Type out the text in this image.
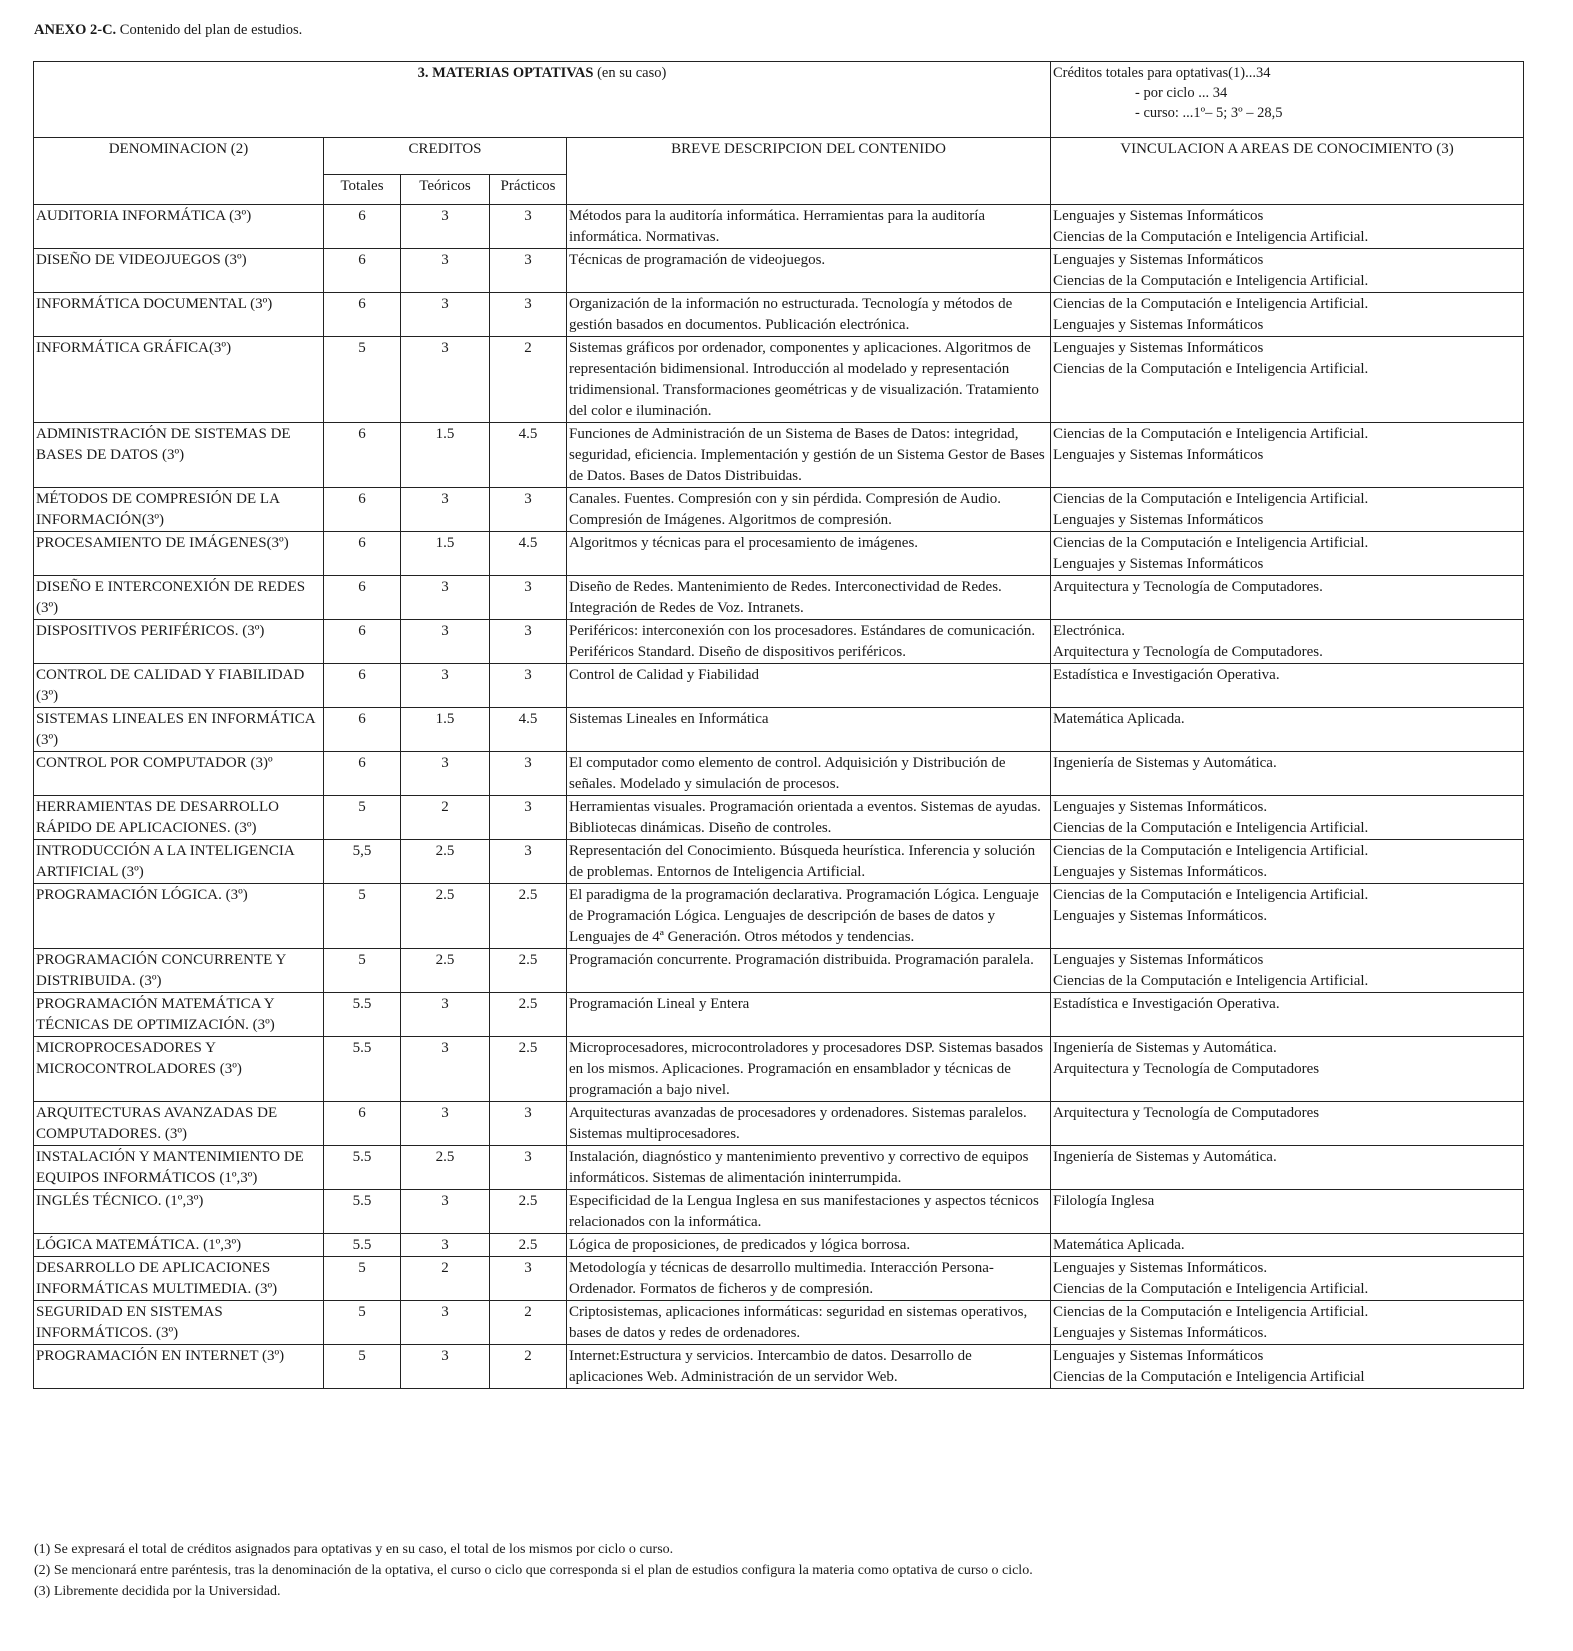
ANEXO 2-C. Contenido del plan de estudios.
3. MATERIAS OPTATIVAS (en su caso)					Créditos totales para optativas(1)...34
- por ciclo ... 34
- curso: ...1º– 5; 3º – 28,5

DENOMINACION (2)	CREDITOS			BREVE DESCRIPCION DEL CONTENIDO	VINCULACION A AREAS DE CONOCIMIENTO (3)
	Totales	Teóricos	Prácticos		
AUDITORIA INFORMÁTICA (3º)	6	3	3	Métodos para la auditoría informática. Herramientas para la auditoría informática. Normativas.	Lenguajes y Sistemas Informáticos
Ciencias de la Computación e Inteligencia Artificial.

DISEÑO DE VIDEOJUEGOS (3º)	6	3	3	Técnicas de programación de videojuegos.	Lenguajes y Sistemas Informáticos
Ciencias de la Computación e Inteligencia Artificial.

INFORMÁTICA DOCUMENTAL (3º)	6	3	3	Organización de la información no estructurada. Tecnología y métodos de gestión basados en documentos. Publicación electrónica.	Ciencias de la Computación e Inteligencia Artificial.
Lenguajes y Sistemas Informáticos

INFORMÁTICA GRÁFICA(3º)	5	3	2	Sistemas gráficos por ordenador, componentes y aplicaciones. Algoritmos de representación bidimensional. Introducción al modelado y representación tridimensional. Transformaciones geométricas y de visualización. Tratamiento del color e iluminación.	Lenguajes y Sistemas Informáticos
Ciencias de la Computación e Inteligencia Artificial.

ADMINISTRACIÓN DE SISTEMAS DE BASES DE DATOS (3º)	6	1.5	4.5	Funciones de Administración de un Sistema de Bases de Datos: integridad, seguridad, eficiencia. Implementación y gestión de un Sistema Gestor de Bases de Datos. Bases de Datos Distribuidas.	Ciencias de la Computación e Inteligencia Artificial.
Lenguajes y Sistemas Informáticos

MÉTODOS DE COMPRESIÓN DE LA INFORMACIÓN(3º)	6	3	3	Canales. Fuentes. Compresión con y sin pérdida. Compresión de Audio. Compresión de Imágenes. Algoritmos de compresión.	Ciencias de la Computación e Inteligencia Artificial.
Lenguajes y Sistemas Informáticos

PROCESAMIENTO DE IMÁGENES(3º)	6	1.5	4.5	Algoritmos y técnicas para el procesamiento de imágenes.	Ciencias de la Computación e Inteligencia Artificial.
Lenguajes y Sistemas Informáticos

DISEÑO E INTERCONEXIÓN DE REDES (3º)	6	3	3	Diseño de Redes. Mantenimiento de Redes. Interconectividad de Redes. Integración de Redes de Voz. Intranets.	Arquitectura y Tecnología de Computadores.

DISPOSITIVOS PERIFÉRICOS. (3º)	6	3	3	Periféricos: interconexión con los procesadores. Estándares de comunicación. Periféricos Standard. Diseño de dispositivos periféricos.	Electrónica.
Arquitectura y Tecnología de Computadores.

CONTROL DE CALIDAD Y FIABILIDAD (3º)	6	3	3	Control de Calidad y Fiabilidad	Estadística e Investigación Operativa.

SISTEMAS LINEALES EN INFORMÁTICA (3º)	6	1.5	4.5	Sistemas Lineales en Informática	Matemática Aplicada.

CONTROL POR COMPUTADOR (3)º	6	3	3	El computador como elemento de control. Adquisición y Distribución de señales. Modelado y simulación de procesos.	Ingeniería de Sistemas y Automática.

HERRAMIENTAS DE DESARROLLO RÁPIDO DE APLICACIONES. (3º)	5	2	3	Herramientas visuales. Programación orientada a eventos. Sistemas de ayudas. Bibliotecas dinámicas. Diseño de controles.	Lenguajes y Sistemas Informáticos.
Ciencias de la Computación e Inteligencia Artificial.

INTRODUCCIÓN A LA INTELIGENCIA ARTIFICIAL (3º)	5,5	2.5	3	Representación del Conocimiento. Búsqueda heurística. Inferencia y solución de problemas. Entornos de Inteligencia Artificial.	Ciencias de la Computación e Inteligencia Artificial.
Lenguajes y Sistemas Informáticos.

PROGRAMACIÓN LÓGICA. (3º)	5	2.5	2.5	El paradigma de la programación declarativa. Programación Lógica. Lenguaje de Programación Lógica. Lenguajes de descripción de bases de datos y Lenguajes de 4ª Generación. Otros métodos y tendencias.	Ciencias de la Computación e Inteligencia Artificial.
Lenguajes y Sistemas Informáticos.

PROGRAMACIÓN CONCURRENTE Y DISTRIBUIDA. (3º)	5	2.5	2.5	Programación concurrente. Programación distribuida. Programación paralela.	Lenguajes y Sistemas Informáticos
Ciencias de la Computación e Inteligencia Artificial.

PROGRAMACIÓN MATEMÁTICA Y TÉCNICAS DE OPTIMIZACIÓN. (3º)	5.5	3	2.5	Programación Lineal y Entera	Estadística e Investigación Operativa.

MICROPROCESADORES Y MICROCONTROLADORES (3º)	5.5	3	2.5	Microprocesadores, microcontroladores y procesadores DSP. Sistemas basados en los mismos. Aplicaciones. Programación en ensamblador y técnicas de programación a bajo nivel.	Ingeniería de Sistemas y Automática.
Arquitectura y Tecnología de Computadores

ARQUITECTURAS AVANZADAS DE COMPUTADORES. (3º)	6	3	3	Arquitecturas avanzadas de procesadores y ordenadores. Sistemas paralelos. Sistemas multiprocesadores.	Arquitectura y Tecnología de Computadores

INSTALACIÓN Y MANTENIMIENTO DE EQUIPOS INFORMÁTICOS (1º,3º)	5.5	2.5	3	Instalación, diagnóstico y mantenimiento preventivo y correctivo de equipos informáticos. Sistemas de alimentación ininterrumpida.	Ingeniería de Sistemas y Automática.

INGLÉS TÉCNICO. (1º,3º)	5.5	3	2.5	Especificidad de la Lengua Inglesa en sus manifestaciones y aspectos técnicos relacionados con la informática.	Filología Inglesa

LÓGICA MATEMÁTICA. (1º,3º)	5.5	3	2.5	Lógica de proposiciones, de predicados y lógica borrosa.	Matemática Aplicada.

DESARROLLO DE APLICACIONES INFORMÁTICAS MULTIMEDIA. (3º)	5	2	3	Metodología y técnicas de desarrollo multimedia. Interacción Persona-Ordenador. Formatos de ficheros y de compresión.	Lenguajes y Sistemas Informáticos.
Ciencias de la Computación e Inteligencia Artificial.

SEGURIDAD EN SISTEMAS INFORMÁTICOS. (3º)	5	3	2	Criptosistemas, aplicaciones informáticas: seguridad en sistemas operativos, bases de datos y redes de ordenadores.	Ciencias de la Computación e Inteligencia Artificial.
Lenguajes y Sistemas Informáticos.

PROGRAMACIÓN EN INTERNET (3º)	5	3	2	Internet:Estructura y servicios. Intercambio de datos. Desarrollo de aplicaciones Web. Administración de un servidor Web.	Lenguajes y Sistemas Informáticos
Ciencias de la Computación e Inteligencia Artificial
(1) Se expresará el total de créditos asignados para optativas y en su caso, el total de los mismos por ciclo o curso.
(2) Se mencionará entre paréntesis, tras la denominación de la optativa, el curso o ciclo que corresponda si el plan de estudios configura la materia como optativa de curso o ciclo.
(3) Libremente decidida por la Universidad.
